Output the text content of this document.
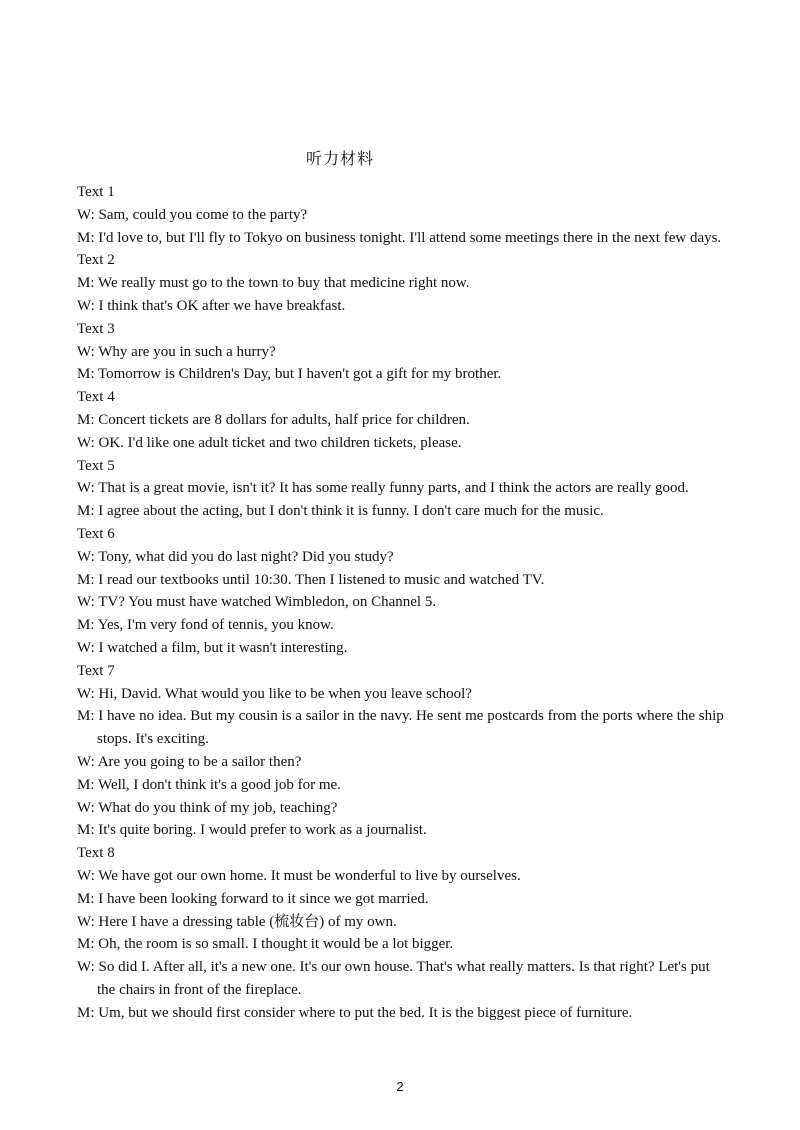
听力材料

Text 1

W: Sam, could you come to the party?

M: I'd love to, but I'll fly to Tokyo on business tonight. I'll attend some meetings there in the next few days.

Text 2

M: We really must go to the town to buy that medicine right now.

W: I think that's OK after we have breakfast.

Text 3

W: Why are you in such a hurry?

M: Tomorrow is Children's Day, but I haven't got a gift for my brother.

Text 4

M: Concert tickets are 8 dollars for adults, half price for children.

W: OK. I'd like one adult ticket and two children tickets, please.

Text 5

W: That is a great movie, isn't it? It has some really funny parts, and I think the actors are really good.

M: I agree about the acting, but I don't think it is funny. I don't care much for the music.

Text 6

W: Tony, what did you do last night? Did you study?

M: I read our textbooks until 10:30. Then I listened to music and watched TV.

W: TV? You must have watched Wimbledon, on Channel 5.

M: Yes, I'm very fond of tennis, you know.

W: I watched a film, but it wasn't interesting.

Text 7

W: Hi, David. What would you like to be when you leave school?

M: I have no idea. But my cousin is a sailor in the navy. He sent me postcards from the ports where the ship stops. It's exciting.

W: Are you going to be a sailor then?

M: Well, I don't think it's a good job for me.

W: What do you think of my job, teaching?

M: It's quite boring. I would prefer to work as a journalist.

Text 8

W: We have got our own home. It must be wonderful to live by ourselves.

M: I have been looking forward to it since we got married.

W: Here I have a dressing table (梳妆台) of my own.

M: Oh, the room is so small. I thought it would be a lot bigger.

W: So did I. After all, it's a new one. It's our own house. That's what really matters. Is that right? Let's put the chairs in front of the fireplace.

M: Um, but we should first consider where to put the bed. It is the biggest piece of furniture.

2
